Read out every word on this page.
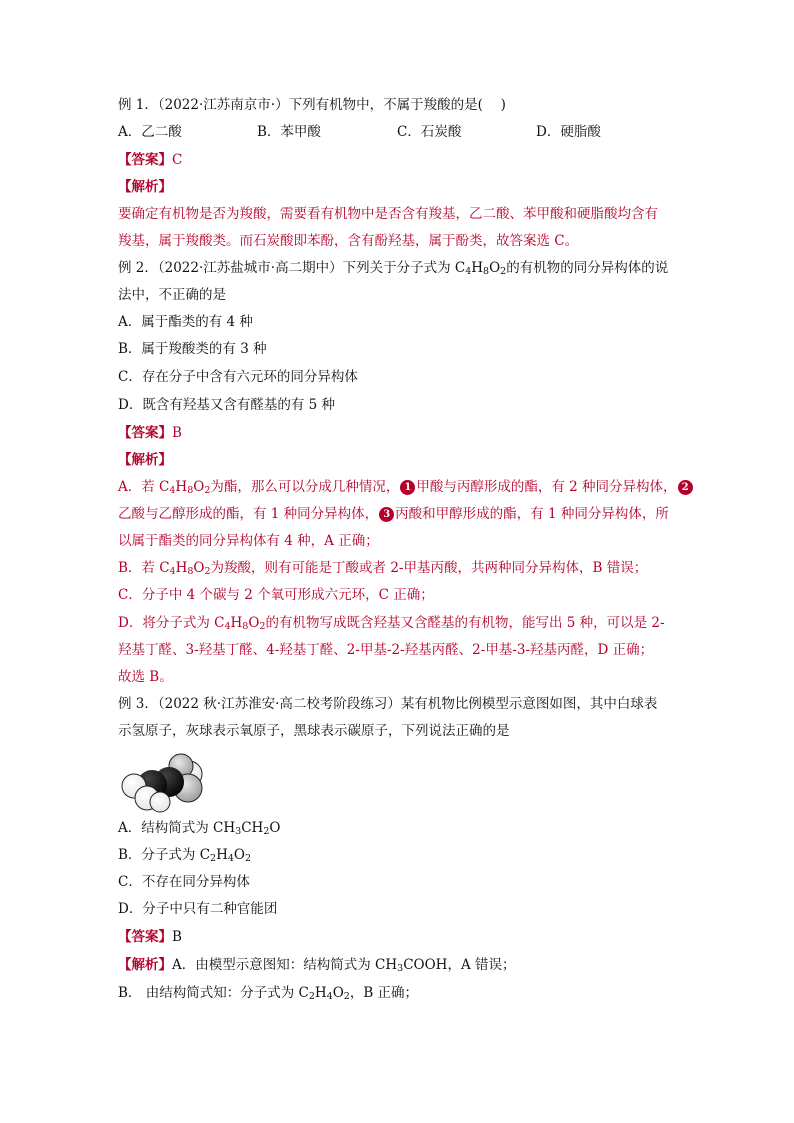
例 1．（2022·江苏南京市·）下列有机物中，不属于羧酸的是(　 )
A．乙二酸	B．苯甲酸	C．石炭酸	D．硬脂酸
【答案】C
【解析】
要确定有机物是否为羧酸，需要看有机物中是否含有羧基，乙二酸、苯甲酸和硬脂酸均含有
羧基，属于羧酸类。而石炭酸即苯酚，含有酚羟基，属于酚类，故答案选 C。
例 2．（2022·江苏盐城市·高二期中）下列关于分子式为 $C_4H_8O_2$的有机物的同分异构体的说
法中，不正确的是
A．属于酯类的有 4 种
B．属于羧酸类的有 3 种
C．存在分子中含有六元环的同分异构体
D．既含有羟基又含有醛基的有 5 种
【答案】B
【解析】
A．若 $C_4H_8O_2$为酯，那么可以分成几种情况， 1 甲酸与丙醇形成的酯，有 2 种同分异构体， 2
乙酸与乙醇形成的酯，有 1 种同分异构体， 3 丙酸和甲醇形成的酯，有 1 种同分异构体，所
以属于酯类的同分异构体有 4 种，A 正确；
B．若 $C_4H_8O_2$为羧酸，则有可能是丁酸或者 2-甲基丙酸，共两种同分异构体，B 错误；
C．分子中 4 个碳与 2 个氧可形成六元环，C 正确；
D．将分子式为 $C_4H_8O_2$的有机物写成既含羟基又含醛基的有机物，能写出 5 种，可以是 2-
羟基丁醛、3-羟基丁醛、4-羟基丁醛、2-甲基-2-羟基丙醛、2-甲基-3-羟基丙醛，D 正确；
故选 B。
例 3．（2022 秋·江苏淮安·高二校考阶段练习）某有机物比例模型示意图如图，其中白球表
示氢原子，灰球表示氧原子，黑球表示碳原子，下列说法正确的是
A．结构简式为 $CH_3CH_2O$
B．分子式为 $C_2H_4O_2$
C．不存在同分异构体
D．分子中只有二种官能团
【答案】B
【解析】A．由模型示意图知：结构简式为 $CH_3COOH$，A 错误；
B． 由结构简式知：分子式为 $C_2H_4O_2$，B 正确；
